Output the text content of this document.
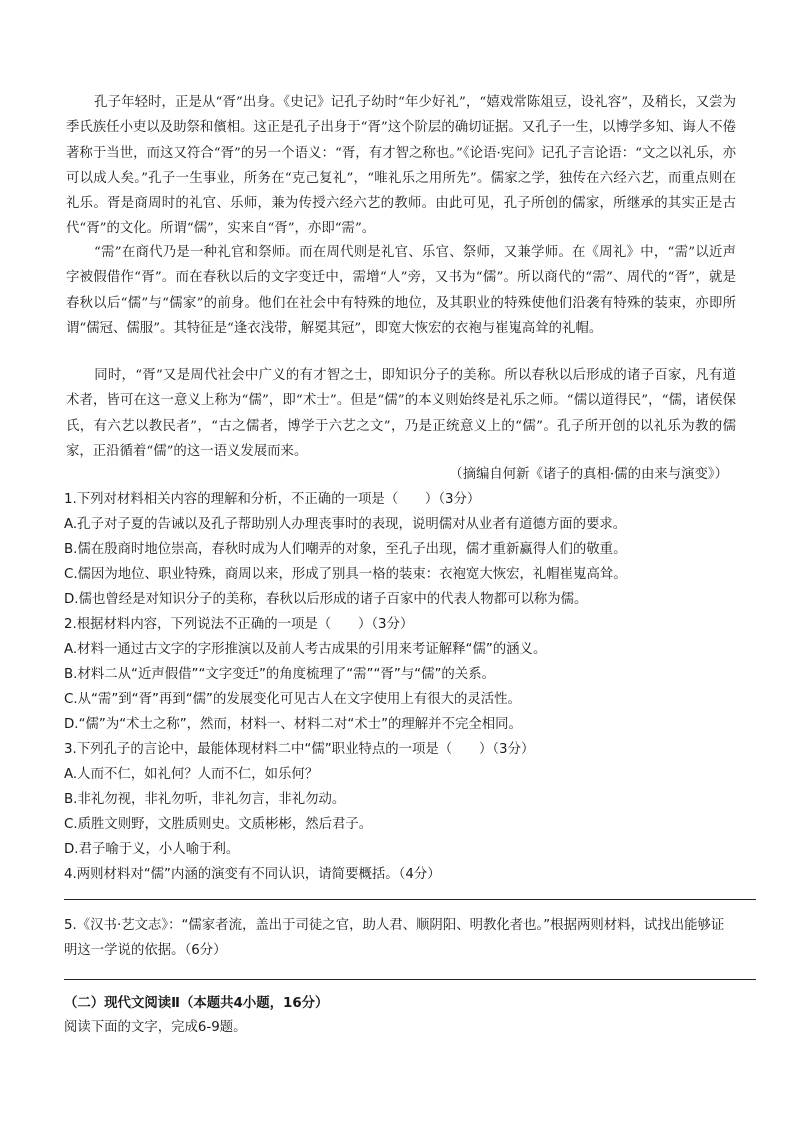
孔子年轻时，正是从“胥”出身。《史记》记孔子幼时“年少好礼”，“嬉戏常陈俎豆，设礼容”，及稍长，又尝为季氏族任小吏以及助祭和儐相。这正是孔子出身于“胥”这个阶层的确切证据。又孔子一生，以博学多知、诲人不倦著称于当世，而这又符合“胥”的另一个语义：“胥，有才智之称也。”《论语·宪问》记孔子言论语：“文之以礼乐，亦可以成人矣。”孔子一生事业，所务在“克己复礼”，“唯礼乐之用所先”。儒家之学，独传在六经六艺，而重点则在礼乐。胥是商周时的礼官、乐师，兼为传授六经六艺的教师。由此可见，孔子所创的儒家，所继承的其实正是古代“胥”的文化。所谓“儒”，实来自“胥”，亦即“需”。

“需”在商代乃是一种礼官和祭师。而在周代则是礼官、乐官、祭师，又兼学师。在《周礼》中，“需”以近声字被假借作“胥”。而在春秋以后的文字变迁中，需增“人”旁，又书为“儒”。所以商代的“需”、周代的“胥”，就是春秋以后“儒”与“儒家”的前身。他们在社会中有特殊的地位，及其职业的特殊使他们沿袭有特殊的装束，亦即所谓“儒冠、儒服”。其特征是“逢衣浅带，解冕其冠”，即宽大恢宏的衣袍与崔嵬高耸的礼帽。

同时，“胥”又是周代社会中广义的有才智之士，即知识分子的美称。所以春秋以后形成的诸子百家，凡有道术者，皆可在这一意义上称为“儒”，即“术士”。但是“儒”的本义则始终是礼乐之师。“儒以道得民”，“儒，诸侯保氏，有六艺以教民者”，“古之儒者，博学于六艺之文”，乃是正统意义上的“儒”。孔子所开创的以礼乐为教的儒家，正沿循着“儒”的这一语义发展而来。

（摘编自何新《诸子的真相·儒的由来与演变》）

1.下列对材料相关内容的理解和分析，不正确的一项是（　　）（3分）

A.孔子对子夏的告诫以及孔子帮助别人办理丧事时的表现，说明儒对从业者有道德方面的要求。

B.儒在殷商时地位崇高，春秋时成为人们嘲弄的对象，至孔子出现，儒才重新赢得人们的敬重。

C.儒因为地位、职业特殊，商周以来，形成了别具一格的装束：衣袍宽大恢宏，礼帽崔嵬高耸。

D.儒也曾经是对知识分子的美称，春秋以后形成的诸子百家中的代表人物都可以称为儒。

2.根据材料内容，下列说法不正确的一项是（　　）（3分）

A.材料一通过古文字的字形推演以及前人考古成果的引用来考证解释“儒”的涵义。

B.材料二从“近声假借”“文字变迁”的角度梳理了“需”“胥”与“儒”的关系。

C.从“需”到“胥”再到“儒”的发展变化可见古人在文字使用上有很大的灵活性。

D.“儒”为“术士之称”，然而，材料一、材料二对“术士”的理解并不完全相同。

3.下列孔子的言论中，最能体现材料二中“儒”职业特点的一项是（　　）（3分）

A.人而不仁，如礼何？人而不仁，如乐何？

B.非礼勿视，非礼勿听，非礼勿言，非礼勿动。

C.质胜文则野，文胜质则史。文质彬彬，然后君子。

D.君子喻于义，小人喻于利。

4.两则材料对“儒”内涵的演变有不同认识，请简要概括。（4分）

5.《汉书·艺文志》：“儒家者流，盖出于司徒之官，助人君、顺阴阳、明教化者也。”根据两则材料，试找出能够证明这一学说的依据。（6分）

（二）现代文阅读Ⅱ（本题共4小题，16分）

阅读下面的文字，完成6-9题。
